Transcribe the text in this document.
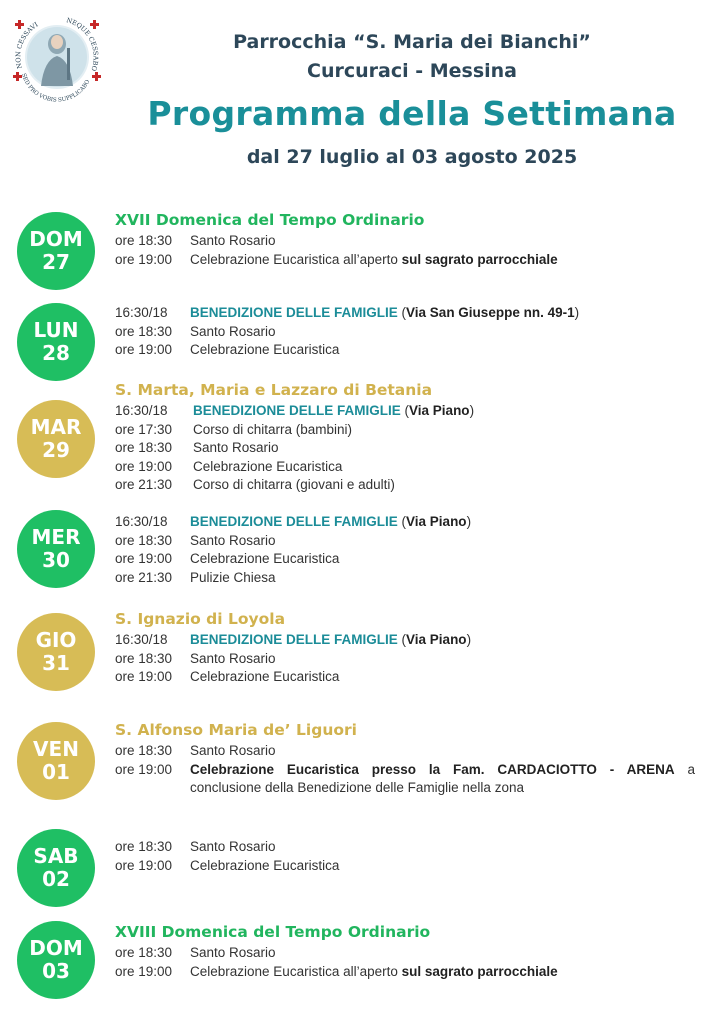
NON CESSAVI	NEQUE CESSABO
SED PRO VOBIS SUPPLICABO
Parrocchia “S. Maria dei Bianchi”
Curcuraci - Messina
Programma della Settimana
dal 27 luglio al 03 agosto 2025
DOM
27
XVII Domenica del Tempo Ordinario
ore 18:30	Santo Rosario
ore 19:00	Celebrazione Eucaristica all’aperto sul sagrato parrocchiale
LUN
28
16:30/18	BENEDIZIONE DELLE FAMIGLIE (Via San Giuseppe nn. 49-1)
ore 18:30	Santo Rosario
ore 19:00	Celebrazione Eucaristica
MAR
29
S. Marta, Maria e Lazzaro di Betania
16:30/18	BENEDIZIONE DELLE FAMIGLIE (Via Piano)
ore 17:30	Corso di chitarra (bambini)
ore 18:30	Santo Rosario
ore 19:00	Celebrazione Eucaristica
ore 21:30	Corso di chitarra (giovani e adulti)
MER
30
16:30/18	BENEDIZIONE DELLE FAMIGLIE (Via Piano)
ore 18:30	Santo Rosario
ore 19:00	Celebrazione Eucaristica
ore 21:30	Pulizie Chiesa
GIO
31
S. Ignazio di Loyola
16:30/18	BENEDIZIONE DELLE FAMIGLIE (Via Piano)
ore 18:30	Santo Rosario
ore 19:00	Celebrazione Eucaristica
VEN
01
S. Alfonso Maria de’ Liguori
ore 18:30	Santo Rosario
ore 19:00	Celebrazione Eucaristica presso la Fam. CARDACIOTTO - ARENA a conclusione della Benedizione delle Famiglie nella zona
SAB
02
ore 18:30	Santo Rosario
ore 19:00	Celebrazione Eucaristica
DOM
03
XVIII Domenica del Tempo Ordinario
ore 18:30	Santo Rosario
ore 19:00	Celebrazione Eucaristica all’aperto sul sagrato parrocchiale
